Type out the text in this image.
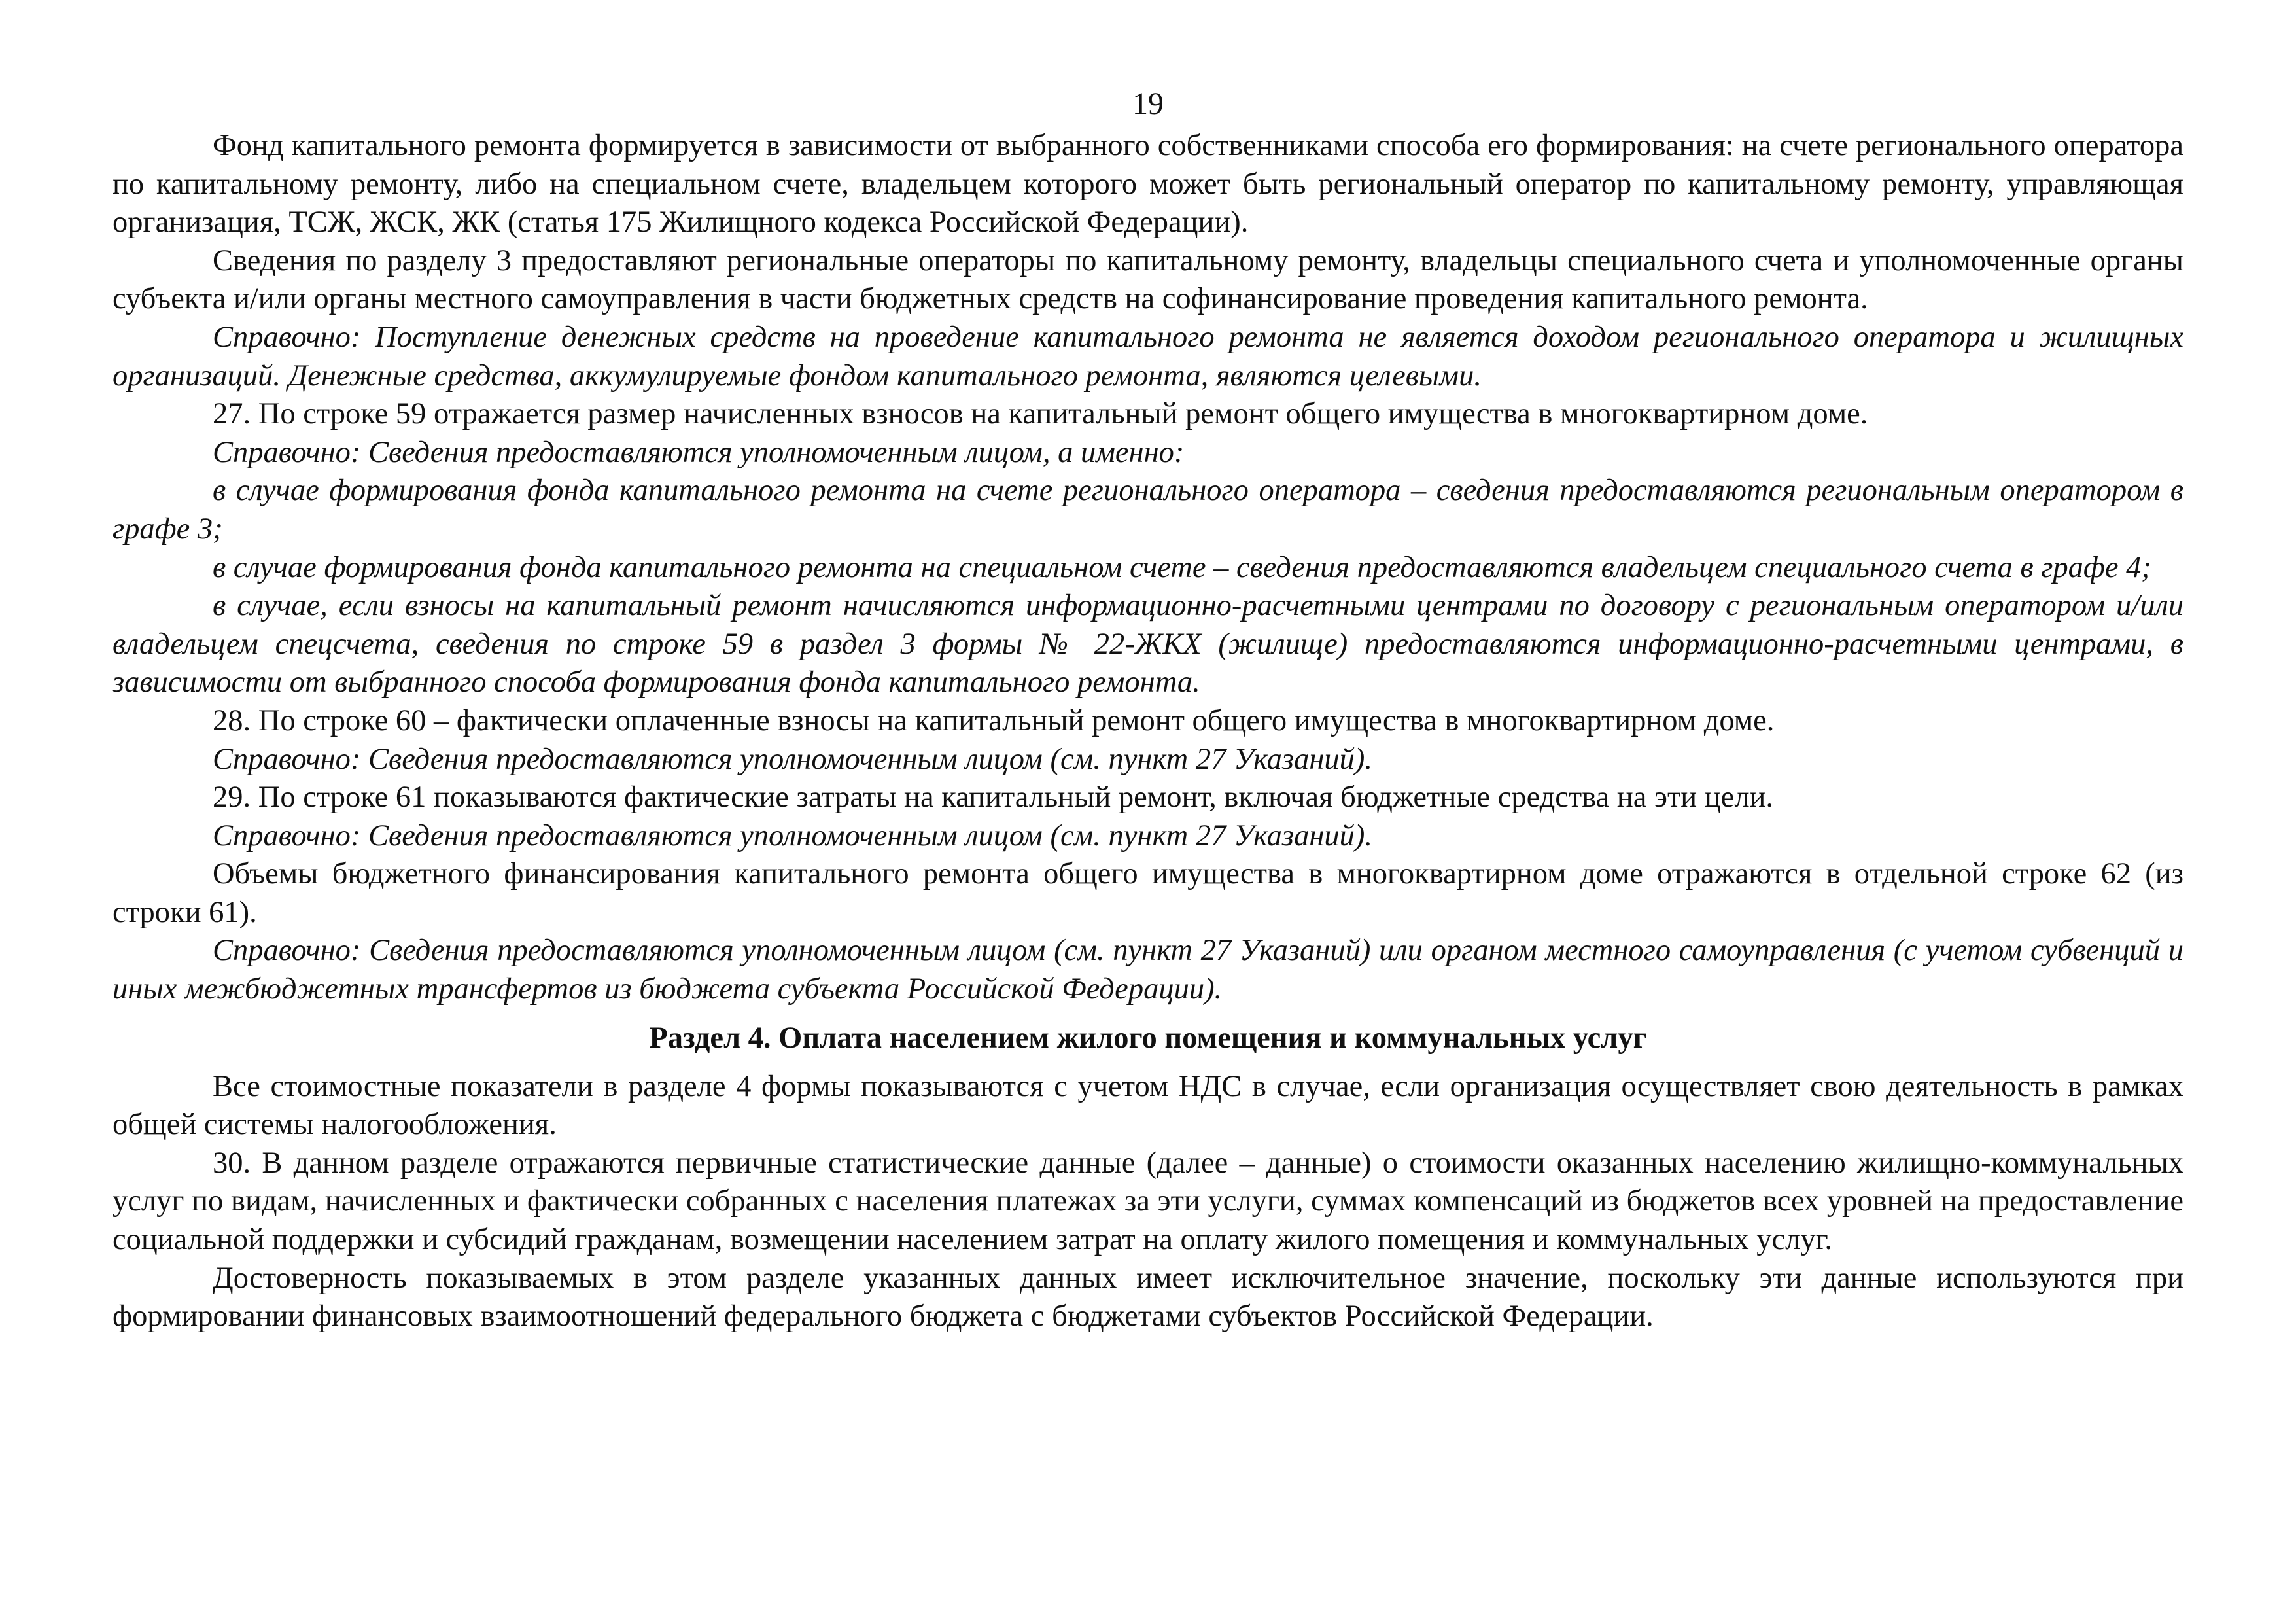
19

Фонд капитального ремонта формируется в зависимости от выбранного собственниками способа его формирования: на счете регионального оператора по капитальному ремонту, либо на специальном счете, владельцем которого может быть региональный оператор по капитальному ремонту, управляющая организация, ТСЖ, ЖСК, ЖК (статья 175 Жилищного кодекса Российской Федерации).

Сведения по разделу 3 предоставляют региональные операторы по капитальному ремонту, владельцы специального счета и уполномоченные органы субъекта и/или органы местного самоуправления в части бюджетных средств на софинансирование проведения капитального ремонта.

Справочно: Поступление денежных средств на проведение капитального ремонта не является доходом регионального оператора и жилищных организаций. Денежные средства, аккумулируемые фондом капитального ремонта, являются целевыми.

27. По строке 59 отражается размер начисленных взносов на капитальный ремонт общего имущества в многоквартирном доме.

Справочно: Сведения предоставляются уполномоченным лицом, а именно:

в случае формирования фонда капитального ремонта на счете регионального оператора – сведения предоставляются региональным оператором в графе 3;

в случае формирования фонда капитального ремонта на специальном счете – сведения предоставляются владельцем специального счета в графе 4;

в случае, если взносы на капитальный ремонт начисляются информационно-расчетными центрами по договору с региональным оператором и/или владельцем спецсчета, сведения по строке 59 в раздел 3 формы № 22-ЖКХ (жилище) предоставляются информационно-расчетными центрами, в зависимости от выбранного способа формирования фонда капитального ремонта.

28. По строке 60 – фактически оплаченные взносы на капитальный ремонт общего имущества в многоквартирном доме.

Справочно: Сведения предоставляются уполномоченным лицом (см. пункт 27 Указаний).

29. По строке 61 показываются фактические затраты на капитальный ремонт, включая бюджетные средства на эти цели.

Справочно: Сведения предоставляются уполномоченным лицом (см. пункт 27 Указаний).

Объемы бюджетного финансирования капитального ремонта общего имущества в многоквартирном доме отражаются в отдельной строке 62 (из строки 61).

Справочно: Сведения предоставляются уполномоченным лицом (см. пункт 27 Указаний) или органом местного самоуправления (с учетом субвенций и иных межбюджетных трансфертов из бюджета субъекта Российской Федерации).

Раздел 4. Оплата населением жилого помещения и коммунальных услуг

Все стоимостные показатели в разделе 4 формы показываются с учетом НДС в случае, если организация осуществляет свою деятельность в рамках общей системы налогообложения.

30. В данном разделе отражаются первичные статистические данные (далее – данные) о стоимости оказанных населению жилищно-коммунальных услуг по видам, начисленных и фактически собранных с населения платежах за эти услуги, суммах компенсаций из бюджетов всех уровней на предоставление социальной поддержки и субсидий гражданам, возмещении населением затрат на оплату жилого помещения и коммунальных услуг.

Достоверность показываемых в этом разделе указанных данных имеет исключительное значение, поскольку эти данные используются при формировании финансовых взаимоотношений федерального бюджета с бюджетами субъектов Российской Федерации.
